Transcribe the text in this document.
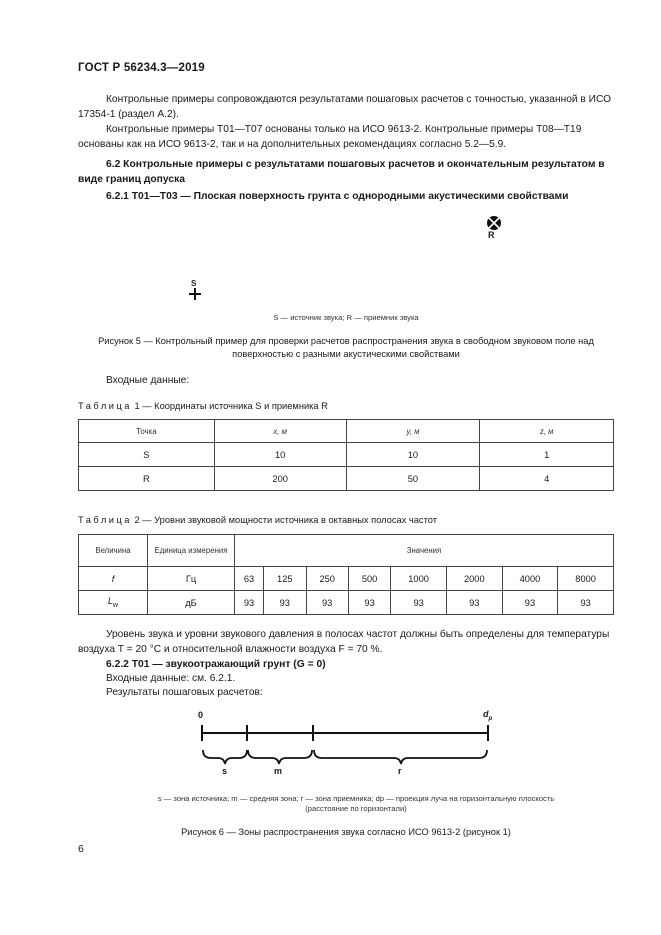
ГОСТ Р 56234.3—2019
Контрольные примеры сопровождаются результатами пошаговых расчетов с точностью, указанной в ИСО 17354-1 (раздел А.2).
Контрольные примеры Т01—Т07 основаны только на ИСО 9613-2. Контрольные примеры Т08—Т19 основаны как на ИСО 9613-2, так и на дополнительных рекомендациях согласно 5.2—5.9.
6.2 Контрольные примеры с результатами пошаговых расчетов и окончательным результатом в виде границ допуска
6.2.1 Т01—Т03 — Плоская поверхность грунта с однородными акустическими свойствами
R
S
S — источник звука; R — приемник звука
Рисунок 5 — Контрольный пример для проверки расчетов распространения звука в свободном звуковом поле над поверхностью с разными акустическими свойствами
Входные данные:
Таблица 1 — Координаты источника S и приемника R
Точка	x, м	y, м	z, м
S	10	10	1
R	200	50	4
Таблица 2 — Уровни звуковой мощности источника в октавных полосах частот
Величина	Единица измерения	Значения							
f	Гц	63	125	250	500	1000	2000	4000	8000
$L_w$	дБ	93	93	93	93	93	93	93	93
Уровень звука и уровни звукового давления в полосах частот должны быть определены для температуры воздуха T = 20 °С и относительной влажности воздуха F = 70 %.
6.2.2 Т01 — звукоотражающий грунт (G = 0)
Входные данные: см. 6.2.1.
Результаты пошаговых расчетов:
0	$d_p$
s	m	r
s — зона источника; m — средняя зона; r — зона приемника; dp — проекция луча на горизонтальную плоскость
(расстояние по горизонтали)
Рисунок 6 — Зоны распространения звука согласно ИСО 9613-2 (рисунок 1)
6
